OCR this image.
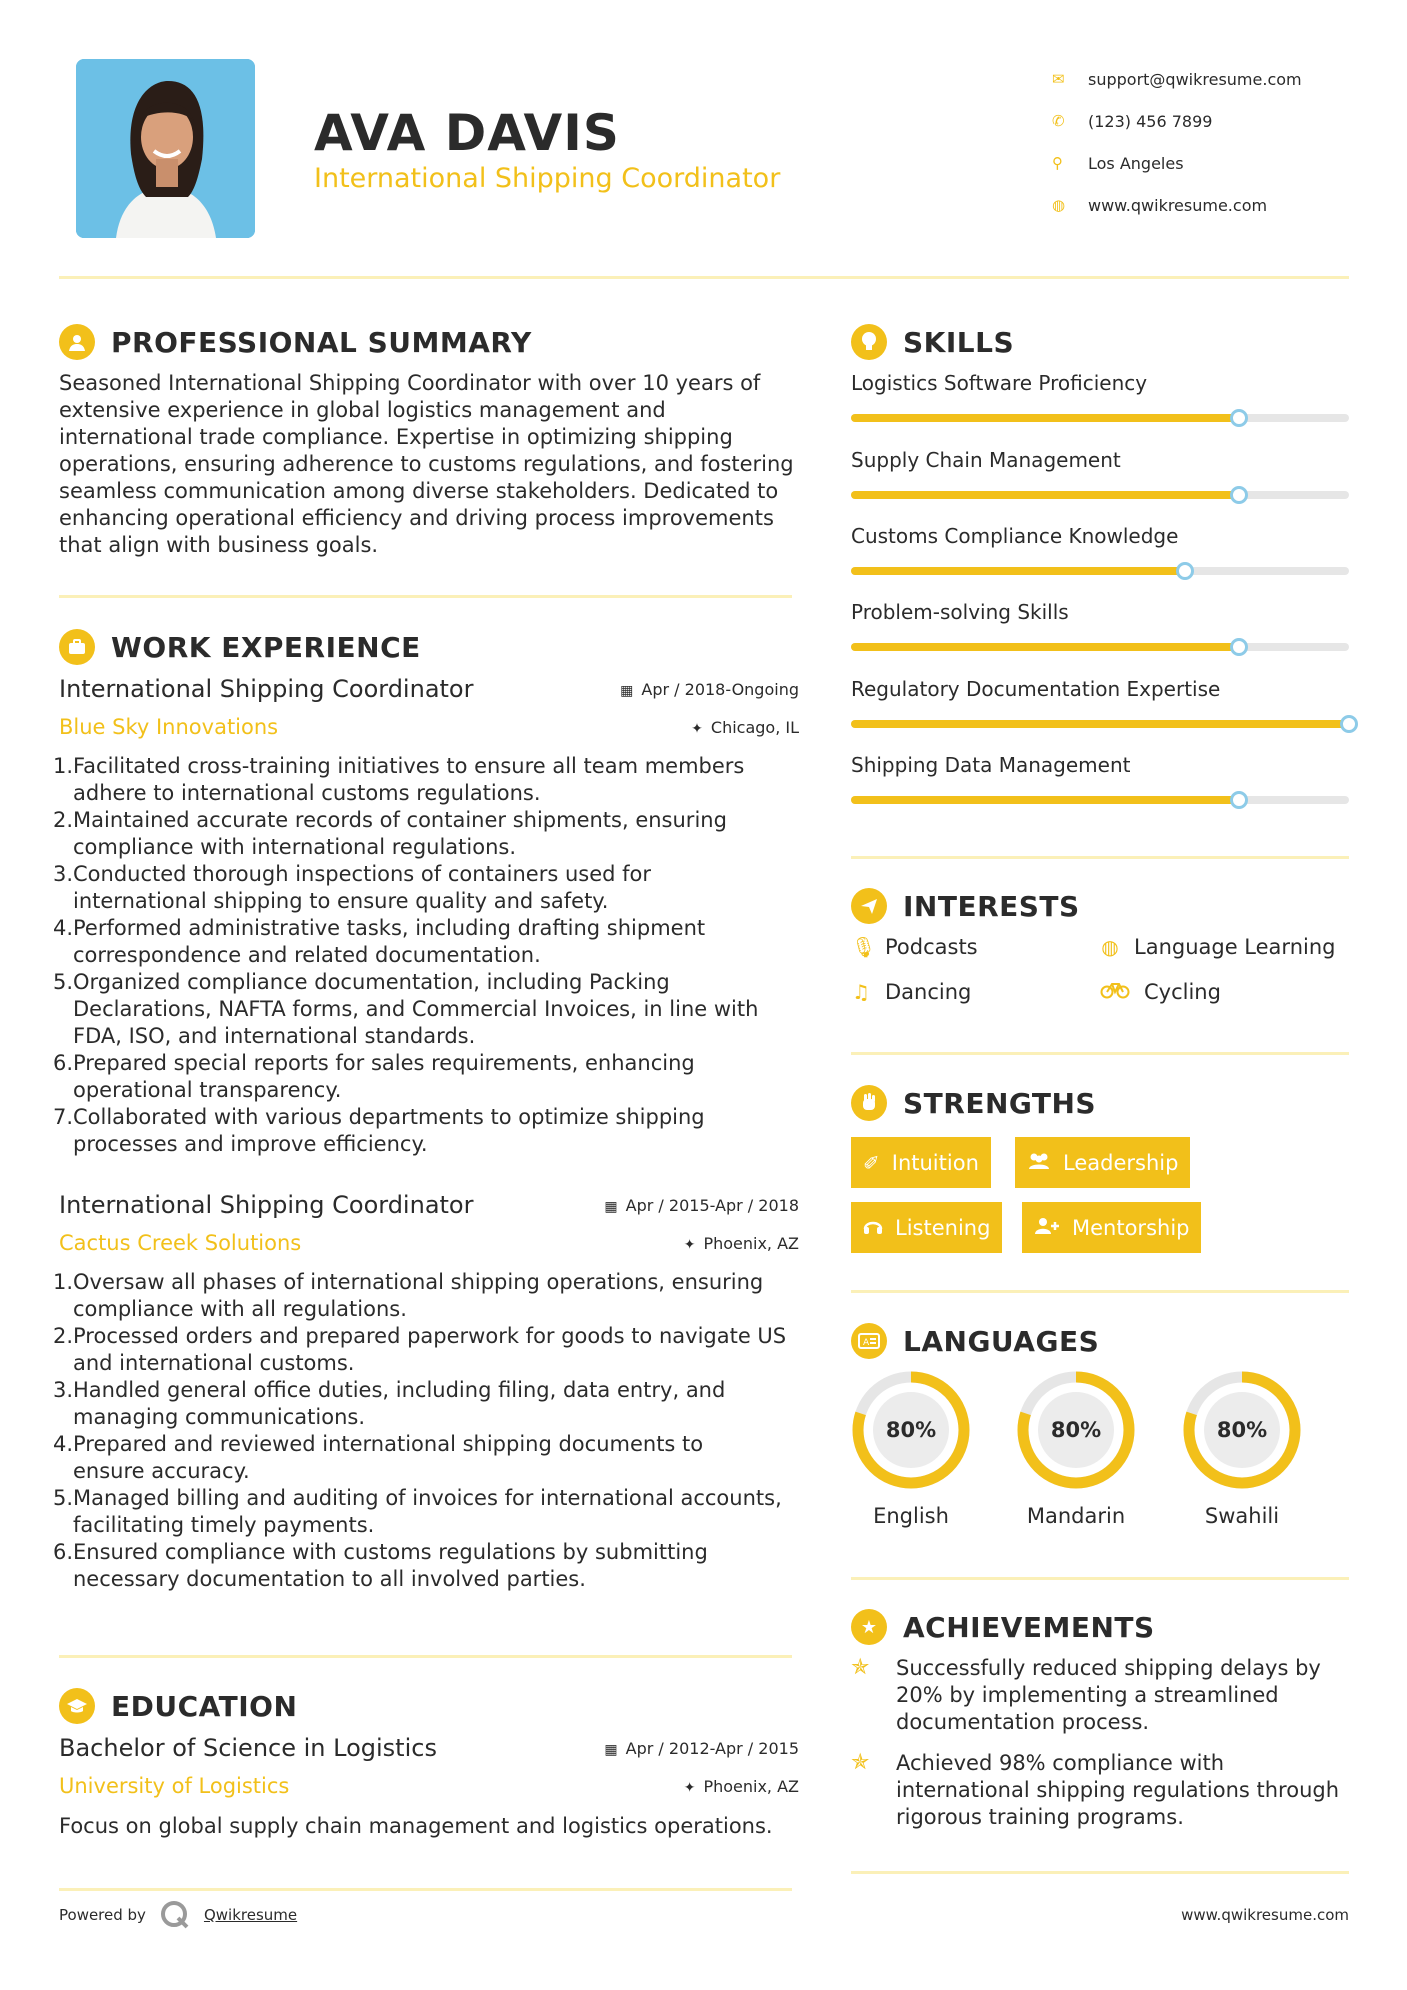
AVA DAVIS
International Shipping Coordinator
✉	support@qwikresume.com
✆	(123) 456 7899
⚲	Los Angeles
◍	www.qwikresume.com
PROFESSIONAL SUMMARY
Seasoned International Shipping Coordinator with over 10 years of
extensive experience in global logistics management and
international trade compliance. Expertise in optimizing shipping
operations, ensuring adherence to customs regulations, and fostering
seamless communication among diverse stakeholders. Dedicated to
enhancing operational efficiency and driving process improvements
that align with business goals.
WORK EXPERIENCE
International Shipping Coordinator	▦ Apr / 2018-Ongoing
Blue Sky Innovations	✦ Chicago, IL
1. Facilitated cross-training initiatives to ensure all team members
adhere to international customs regulations.
2. Maintained accurate records of container shipments, ensuring
compliance with international regulations.
3. Conducted thorough inspections of containers used for
international shipping to ensure quality and safety.
4. Performed administrative tasks, including drafting shipment
correspondence and related documentation.
5. Organized compliance documentation, including Packing
Declarations, NAFTA forms, and Commercial Invoices, in line with
FDA, ISO, and international standards.
6. Prepared special reports for sales requirements, enhancing
operational transparency.
7. Collaborated with various departments to optimize shipping
processes and improve efficiency.
International Shipping Coordinator	▦ Apr / 2015-Apr / 2018
Cactus Creek Solutions	✦ Phoenix, AZ
1. Oversaw all phases of international shipping operations, ensuring
compliance with all regulations.
2. Processed orders and prepared paperwork for goods to navigate US
and international customs.
3. Handled general office duties, including filing, data entry, and
managing communications.
4. Prepared and reviewed international shipping documents to
ensure accuracy.
5. Managed billing and auditing of invoices for international accounts,
facilitating timely payments.
6. Ensured compliance with customs regulations by submitting
necessary documentation to all involved parties.
EDUCATION
Bachelor of Science in Logistics	▦ Apr / 2012-Apr / 2015
University of Logistics	✦ Phoenix, AZ
Focus on global supply chain management and logistics operations.
SKILLS
Logistics Software Proficiency
Supply Chain Management
Customs Compliance Knowledge
Problem-solving Skills
Regulatory Documentation Expertise
Shipping Data Management
INTERESTS
🎙 Podcasts	◍ Language Learning
♫ Dancing	Cycling
STRENGTHS
✐ Intuition	Leadership
Listening	Mentorship
A LANGUAGES
80%
English
80%
Mandarin
80%
Swahili
★ ACHIEVEMENTS
✯	Successfully reduced shipping delays by
20% by implementing a streamlined
documentation process.
✯	Achieved 98% compliance with
international shipping regulations through
rigorous training programs.
Powered by	Qwikresume	www.qwikresume.com
